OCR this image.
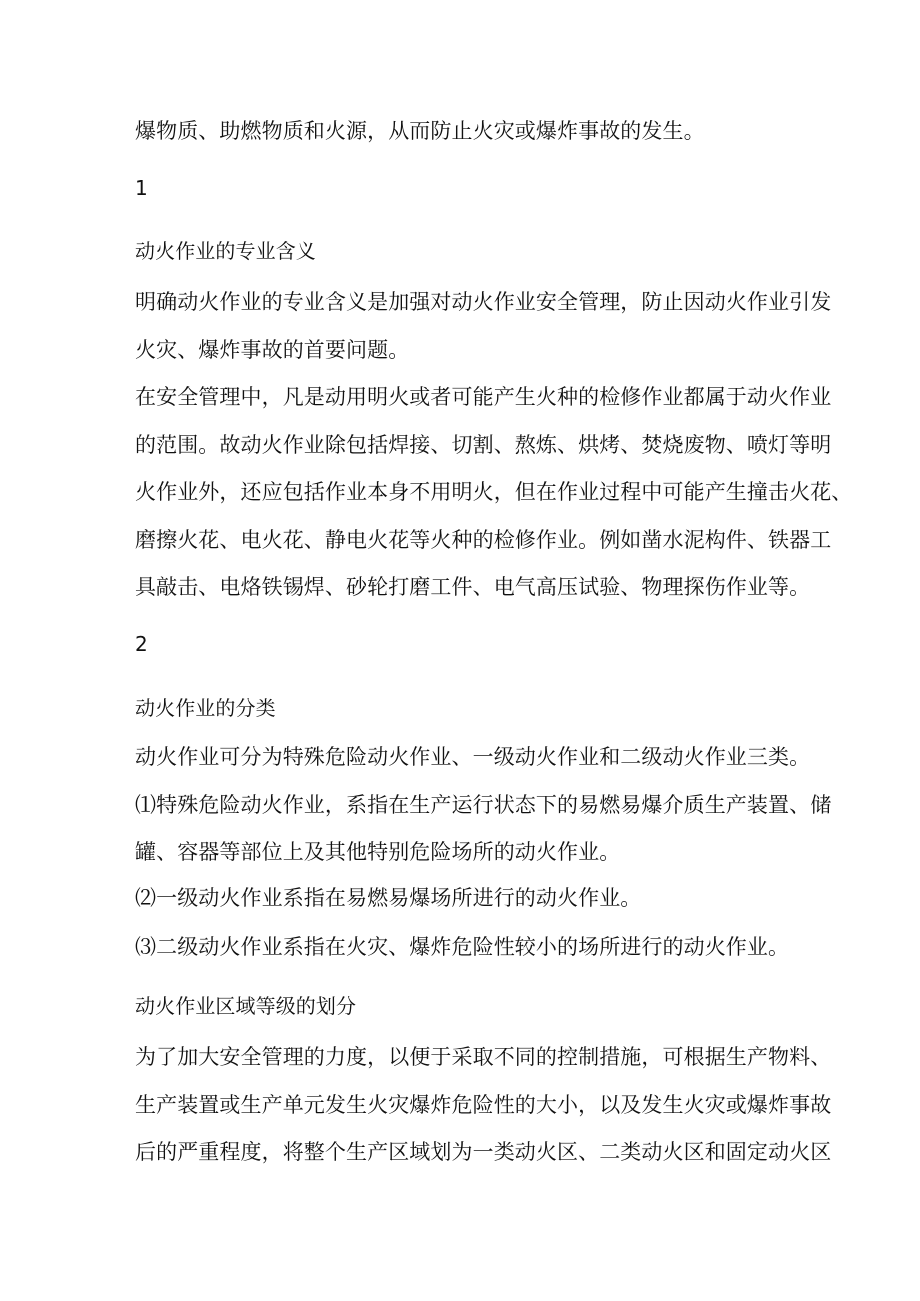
爆物质、助燃物质和火源，从而防止火灾或爆炸事故的发生。
1
动火作业的专业含义
明确动火作业的专业含义是加强对动火作业安全管理，防止因动火作业引发
火灾、爆炸事故的首要问题。
在安全管理中，凡是动用明火或者可能产生火种的检修作业都属于动火作业
的范围。故动火作业除包括焊接、切割、熬炼、烘烤、焚烧废物、喷灯等明
火作业外，还应包括作业本身不用明火，但在作业过程中可能产生撞击火花、
磨擦火花、电火花、静电火花等火种的检修作业。例如凿水泥构件、铁器工
具敲击、电烙铁锡焊、砂轮打磨工件、电气高压试验、物理探伤作业等。
2
动火作业的分类
动火作业可分为特殊危险动火作业、一级动火作业和二级动火作业三类。
⑴特殊危险动火作业，系指在生产运行状态下的易燃易爆介质生产装置、储
罐、容器等部位上及其他特别危险场所的动火作业。
⑵一级动火作业系指在易燃易爆场所进行的动火作业。
⑶二级动火作业系指在火灾、爆炸危险性较小的场所进行的动火作业。
动火作业区域等级的划分
为了加大安全管理的力度，以便于采取不同的控制措施，可根据生产物料、
生产装置或生产单元发生火灾爆炸危险性的大小，以及发生火灾或爆炸事故
后的严重程度，将整个生产区域划为一类动火区、二类动火区和固定动火区
